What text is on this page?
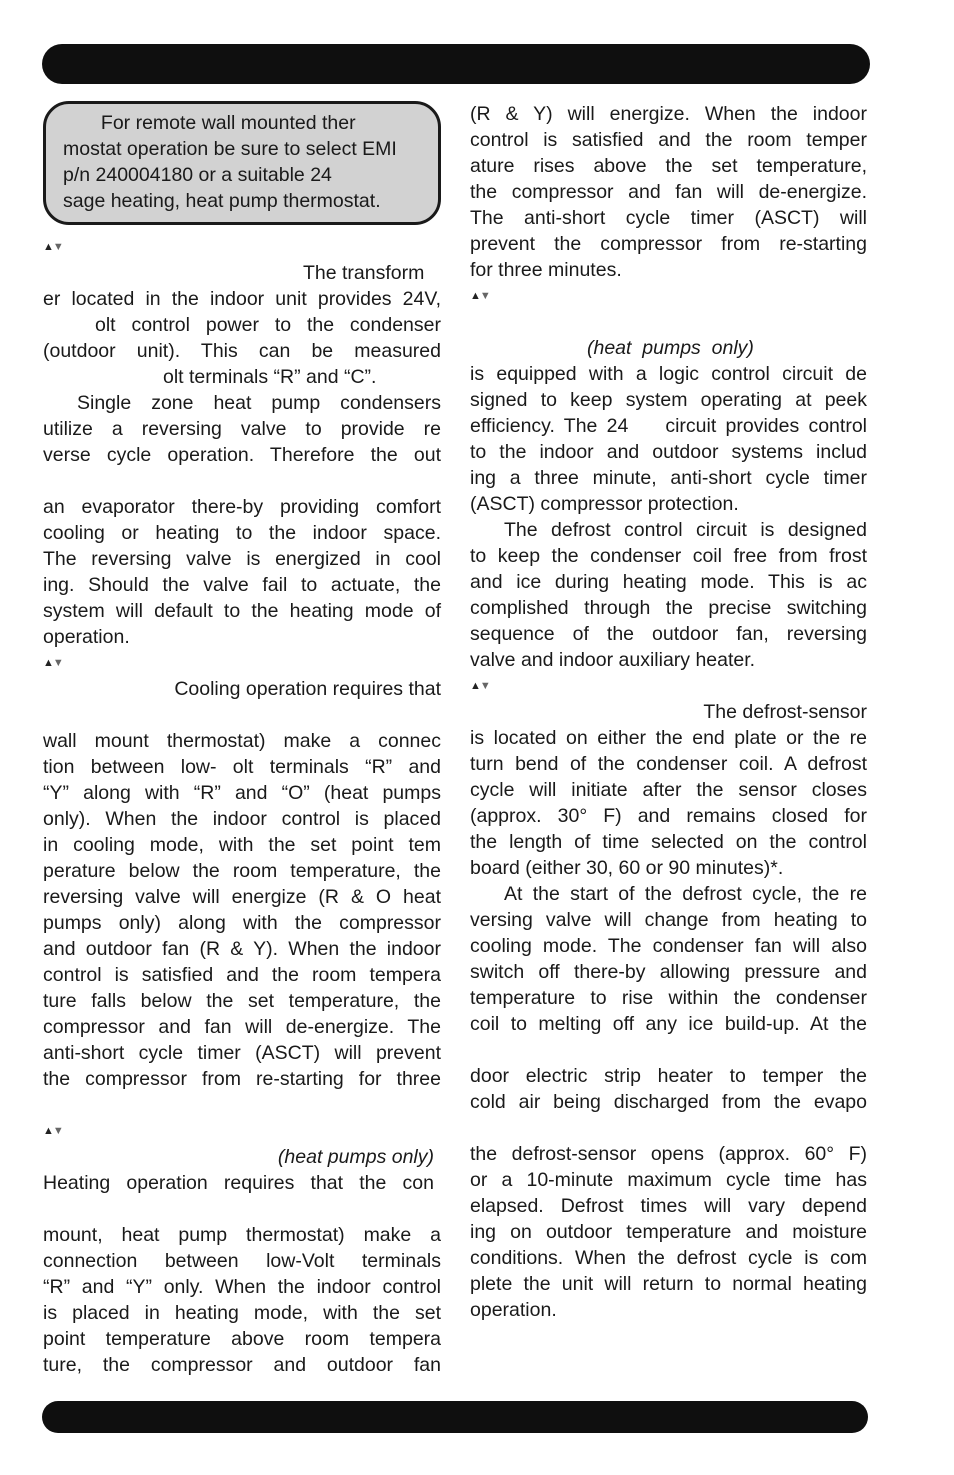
For remote wall mounted ther

mostat operation be sure to select EMI

p/n 240004180 or a suitable 24

sage heating, heat pump thermostat.

▲▼
The transform
er located in the indoor unit provides 24V,
olt control power to the condenser
(outdoor unit). This can be measured
olt terminals “R” and “C”.
Single zone heat pump condensers
utilize a reversing valve to provide re
verse cycle operation. Therefore the out
an evaporator there-by providing comfort
cooling or heating to the indoor space.
The reversing valve is energized in cool
ing. Should the valve fail to actuate, the
system will default to the heating mode of
operation.
▲▼
Cooling operation requires that
wall mount thermostat) make a connec
tion between low- olt terminals “R” and
“Y” along with “R” and “O” (heat pumps
only). When the indoor control is placed
in cooling mode, with the set point tem
perature below the room temperature, the
reversing valve will energize (R & O heat
pumps only) along with the compressor
and outdoor fan (R & Y). When the indoor
control is satisfied and the room tempera
ture falls below the set temperature, the
compressor and fan will de-energize. The
anti-short cycle timer (ASCT) will prevent
the compressor from re-starting for three
▲▼
(heat pumps only)
Heating operation requires that the con
mount, heat pump thermostat) make a
connection between low-Volt terminals
“R” and “Y” only. When the indoor control
is placed in heating mode, with the set
point temperature above room tempera
ture, the compressor and outdoor fan
(R & Y) will energize. When the indoor
control is satisfied and the room temper
ature rises above the set temperature,
the compressor and fan will de-energize.
The anti-short cycle timer (ASCT) will
prevent the compressor from re-starting
for three minutes.
▲▼
(heat  pumps  only)
is equipped with a logic control circuit de
signed to keep system operating at peek
efficiency. The 24    circuit provides control
to the indoor and outdoor systems includ
ing a three minute, anti-short cycle timer
(ASCT) compressor protection.
The defrost control circuit is designed
to keep the condenser coil free from frost
and ice during heating mode. This is ac
complished through the precise switching
sequence of the outdoor fan, reversing
valve and indoor auxiliary heater.
▲▼
The defrost-sensor
is located on either the end plate or the re
turn bend of the condenser coil. A defrost
cycle will initiate after the sensor closes
(approx. 30° F) and remains closed for
the length of time selected on the control
board (either 30, 60 or 90 minutes)*.
At the start of the defrost cycle, the re
versing valve will change from heating to
cooling mode. The condenser fan will also
switch off there-by allowing pressure and
temperature to rise within the condenser
coil to melting off any ice build-up. At the
door electric strip heater to temper the
cold air being discharged from the evapo
the defrost-sensor opens (approx. 60° F)
or a 10-minute maximum cycle time has
elapsed. Defrost times will vary depend
ing on outdoor temperature and moisture
conditions. When the defrost cycle is com
plete the unit will return to normal heating
operation.
